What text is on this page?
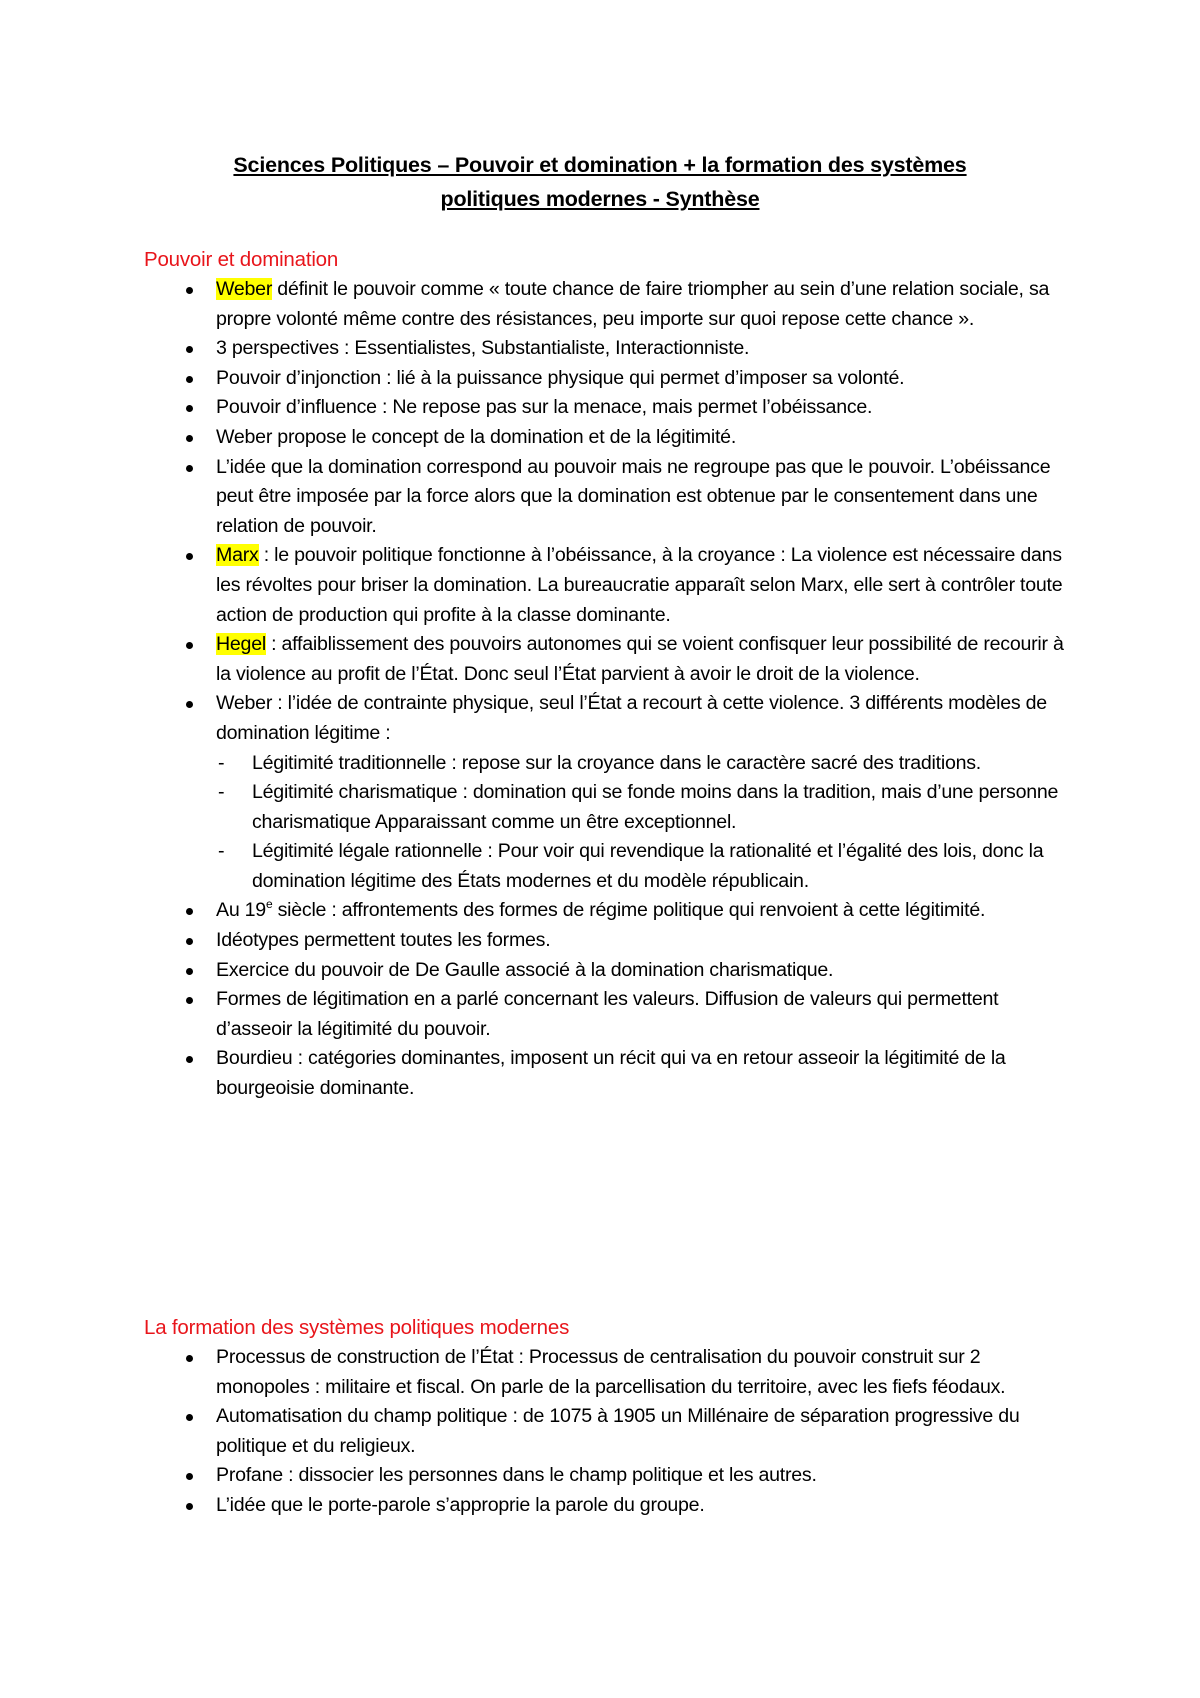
Sciences Politiques – Pouvoir et domination + la formation des systèmes
politiques modernes - Synthèse
Pouvoir et domination
Weber définit le pouvoir comme « toute chance de faire triompher au sein d’une relation sociale, sa propre volonté même contre des résistances, peu importe sur quoi repose cette chance ».
3 perspectives : Essentialistes, Substantialiste, Interactionniste.
Pouvoir d’injonction : lié à la puissance physique qui permet d’imposer sa volonté.
Pouvoir d’influence : Ne repose pas sur la menace, mais permet l’obéissance.
Weber propose le concept de la domination et de la légitimité.
L’idée que la domination correspond au pouvoir mais ne regroupe pas que le pouvoir. L’obéissance peut être imposée par la force alors que la domination est obtenue par le consentement dans une relation de pouvoir.
Marx : le pouvoir politique fonctionne à l’obéissance, à la croyance : La violence est nécessaire dans les révoltes pour briser la domination. La bureaucratie apparaît selon Marx, elle sert à contrôler toute action de production qui profite à la classe dominante.
Hegel : affaiblissement des pouvoirs autonomes qui se voient confisquer leur possibilité de recourir à la violence au profit de l’État. Donc seul l’État parvient à avoir le droit de la violence.
Weber : l’idée de contrainte physique, seul l’État a recourt à cette violence. 3 différents modèles de domination légitime :
- Légitimité traditionnelle : repose sur la croyance dans le caractère sacré des traditions.
- Légitimité charismatique : domination qui se fonde moins dans la tradition, mais d’une personne charismatique Apparaissant comme un être exceptionnel.
- Légitimité légale rationnelle : Pour voir qui revendique la rationalité et l’égalité des lois, donc la domination légitime des États modernes et du modèle républicain.
Au 19e siècle : affrontements des formes de régime politique qui renvoient à cette légitimité.
Idéotypes permettent toutes les formes.
Exercice du pouvoir de De Gaulle associé à la domination charismatique.
Formes de légitimation en a parlé concernant les valeurs. Diffusion de valeurs qui permettent d’asseoir la légitimité du pouvoir.
Bourdieu : catégories dominantes, imposent un récit qui va en retour asseoir la légitimité de la bourgeoisie dominante.
La formation des systèmes politiques modernes
Processus de construction de l’État : Processus de centralisation du pouvoir construit sur 2 monopoles : militaire et fiscal. On parle de la parcellisation du territoire, avec les fiefs féodaux.
Automatisation du champ politique : de 1075 à 1905 un Millénaire de séparation progressive du politique et du religieux.
Profane : dissocier les personnes dans le champ politique et les autres.
L’idée que le porte-parole s’approprie la parole du groupe.
